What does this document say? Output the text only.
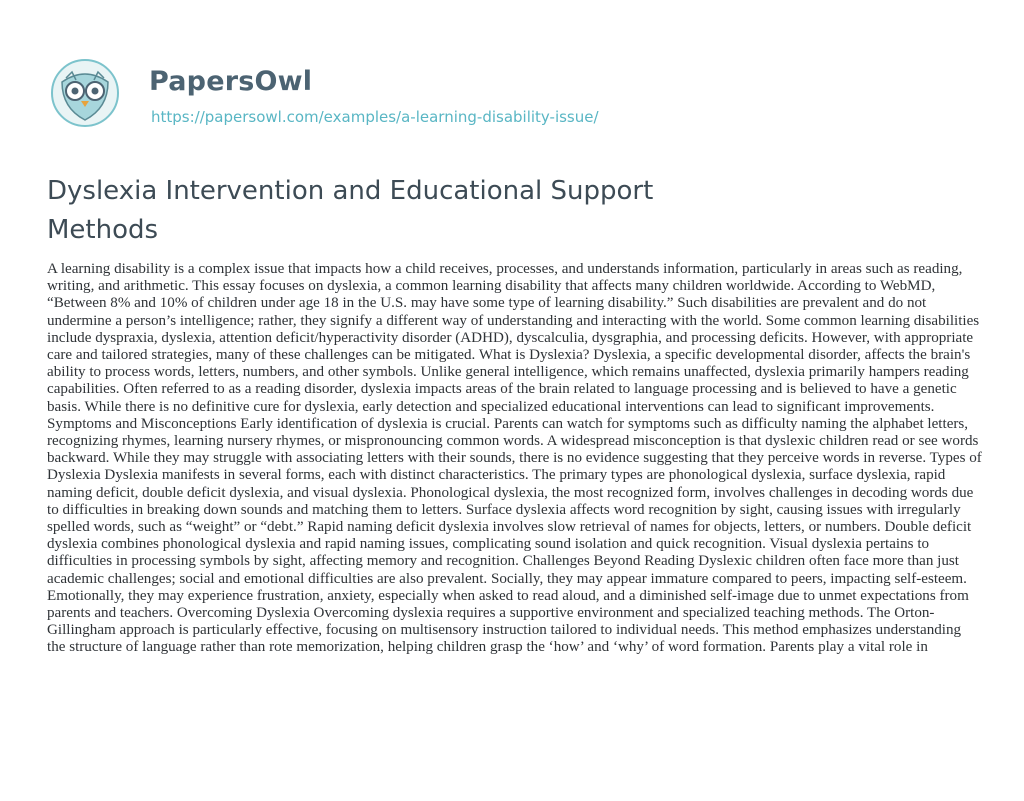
PapersOwl
https://papersowl.com/examples/a-learning-disability-issue/
Dyslexia Intervention and Educational Support Methods

A learning disability is a complex issue that impacts how a child receives, processes, and understands information, particularly in areas such as reading, writing, and arithmetic. This essay focuses on dyslexia, a common learning disability that affects many children worldwide. According to WebMD, “Between 8% and 10% of children under age 18 in the U.S. may have some type of learning disability.” Such disabilities are prevalent and do not undermine a person’s intelligence; rather, they signify a different way of understanding and interacting with the world. Some common learning disabilities include dyspraxia, dyslexia, attention deficit/hyperactivity disorder (ADHD), dyscalculia, dysgraphia, and processing deficits. However, with appropriate care and tailored strategies, many of these challenges can be mitigated. What is Dyslexia? Dyslexia, a specific developmental disorder, affects the brain's ability to process words, letters, numbers, and other symbols. Unlike general intelligence, which remains unaffected, dyslexia primarily hampers reading capabilities. Often referred to as a reading disorder, dyslexia impacts areas of the brain related to language processing and is believed to have a genetic basis. While there is no definitive cure for dyslexia, early detection and specialized educational interventions can lead to significant improvements. Symptoms and Misconceptions Early identification of dyslexia is crucial. Parents can watch for symptoms such as difficulty naming the alphabet letters, recognizing rhymes, learning nursery rhymes, or mispronouncing common words. A widespread misconception is that dyslexic children read or see words backward. While they may struggle with associating letters with their sounds, there is no evidence suggesting that they perceive words in reverse. Types of Dyslexia Dyslexia manifests in several forms, each with distinct characteristics. The primary types are phonological dyslexia, surface dyslexia, rapid naming deficit, double deficit dyslexia, and visual dyslexia. Phonological dyslexia, the most recognized form, involves challenges in decoding words due to difficulties in breaking down sounds and matching them to letters. Surface dyslexia affects word recognition by sight, causing issues with irregularly spelled words, such as “weight” or “debt.” Rapid naming deficit dyslexia involves slow retrieval of names for objects, letters, or numbers. Double deficit dyslexia combines phonological dyslexia and rapid naming issues, complicating sound isolation and quick recognition. Visual dyslexia pertains to difficulties in processing symbols by sight, affecting memory and recognition. Challenges Beyond Reading Dyslexic children often face more than just academic challenges; social and emotional difficulties are also prevalent. Socially, they may appear immature compared to peers, impacting self-esteem. Emotionally, they may experience frustration, anxiety, especially when asked to read aloud, and a diminished self-image due to unmet expectations from parents and teachers. Overcoming Dyslexia Overcoming dyslexia requires a supportive environment and specialized teaching methods. The Orton-Gillingham approach is particularly effective, focusing on multisensory instruction tailored to individual needs. This method emphasizes understanding the structure of language rather than rote memorization, helping children grasp the ‘how’ and ‘why’ of word formation. Parents play a vital role in
